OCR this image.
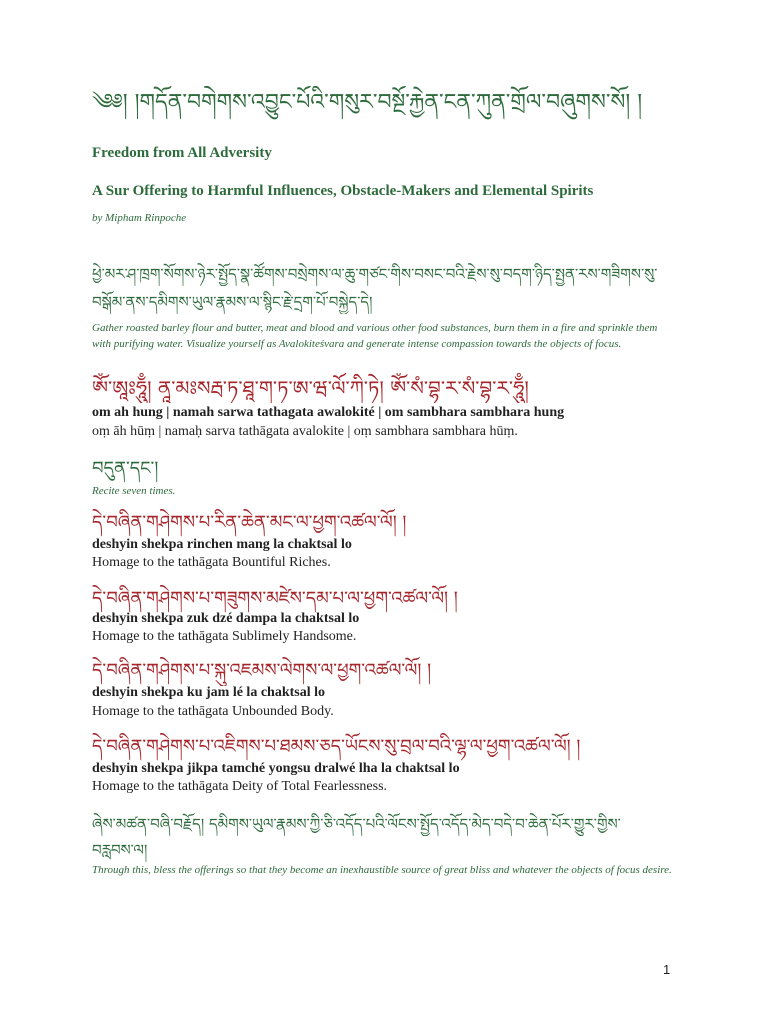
༄༅། །གདོན་བགེགས་འབྱུང་པོའི་གསུར་བསྔོ་རྐྱེན་ངན་ཀུན་གྲོལ་བཞུགས་སོ། །
Freedom from All Adversity
A Sur Offering to Harmful Influences, Obstacle-Makers and Elemental Spirits
by Mipham Rinpoche
ཕྱེ་མར་ཤ་ཁྲག་སོགས་ཉེར་སྤྱོད་སྣ་ཚོགས་བསྲེགས་ལ་ཆུ་གཙང་གིས་བསང་བའི་རྗེས་སུ་བདག་ཉིད་སྤྱན་རས་གཟིགས་སུ་
བསྒོམ་ནས་དམིགས་ཡུལ་རྣམས་ལ་སྙིང་རྗེ་དྲག་པོ་བསྐྱེད་དེ།
Gather roasted barley flour and butter, meat and blood and various other food substances, burn them in a fire and sprinkle them with purifying water. Visualize yourself as Avalokiteśvara and generate intense compassion towards the objects of focus.
ཨོཾ་ཨཱཿཧཱུྃ། ནཱ་མཿསརྦ་ཏ་ཐཱ་ག་ཏ་ཨ་ཝ་ལོ་ཀི་ཏེ། ཨོཾ་སཾ་བྷ་ར་སཾ་བྷ་ར་ཧཱུྃ།
om ah hung | namah sarwa tathagata awalokité | om sambhara sambhara hung
oṃ āh hūṃ | namaḥ sarva tathāgata avalokite | oṃ sambhara sambhara hūṃ.
བདུན་དང་།
Recite seven times.
དེ་བཞིན་གཤེགས་པ་རིན་ཆེན་མང་ལ་ཕྱག་འཚལ་ལོ། །
deshyin shekpa rinchen mang la chaktsal lo
Homage to the tathāgata Bountiful Riches.
དེ་བཞིན་གཤེགས་པ་གཟུགས་མཛེས་དམ་པ་ལ་ཕྱག་འཚལ་ལོ། །
deshyin shekpa zuk dzé dampa la chaktsal lo
Homage to the tathāgata Sublimely Handsome.
དེ་བཞིན་གཤེགས་པ་སྐུ་འཇམས་ལེགས་ལ་ཕྱག་འཚལ་ལོ། །
deshyin shekpa ku jam lé la chaktsal lo
Homage to the tathāgata Unbounded Body.
དེ་བཞིན་གཤེགས་པ་འཇིགས་པ་ཐམས་ཅད་ཡོངས་སུ་བྲལ་བའི་ལྷ་ལ་ཕྱག་འཚལ་ལོ། །
deshyin shekpa jikpa tamché yongsu dralwé lha la chaktsal lo
Homage to the tathāgata Deity of Total Fearlessness.
ཞེས་མཚན་བཞི་བརྗོད། དམིགས་ཡུལ་རྣམས་ཀྱི་ཅི་འདོད་པའི་ལོངས་སྤྱོད་འདོད་མེད་བདེ་བ་ཆེན་པོར་གྱུར་གྱིས་
བརླབས་ལ།
Through this, bless the offerings so that they become an inexhaustible source of great bliss and whatever the objects of focus desire.
1
